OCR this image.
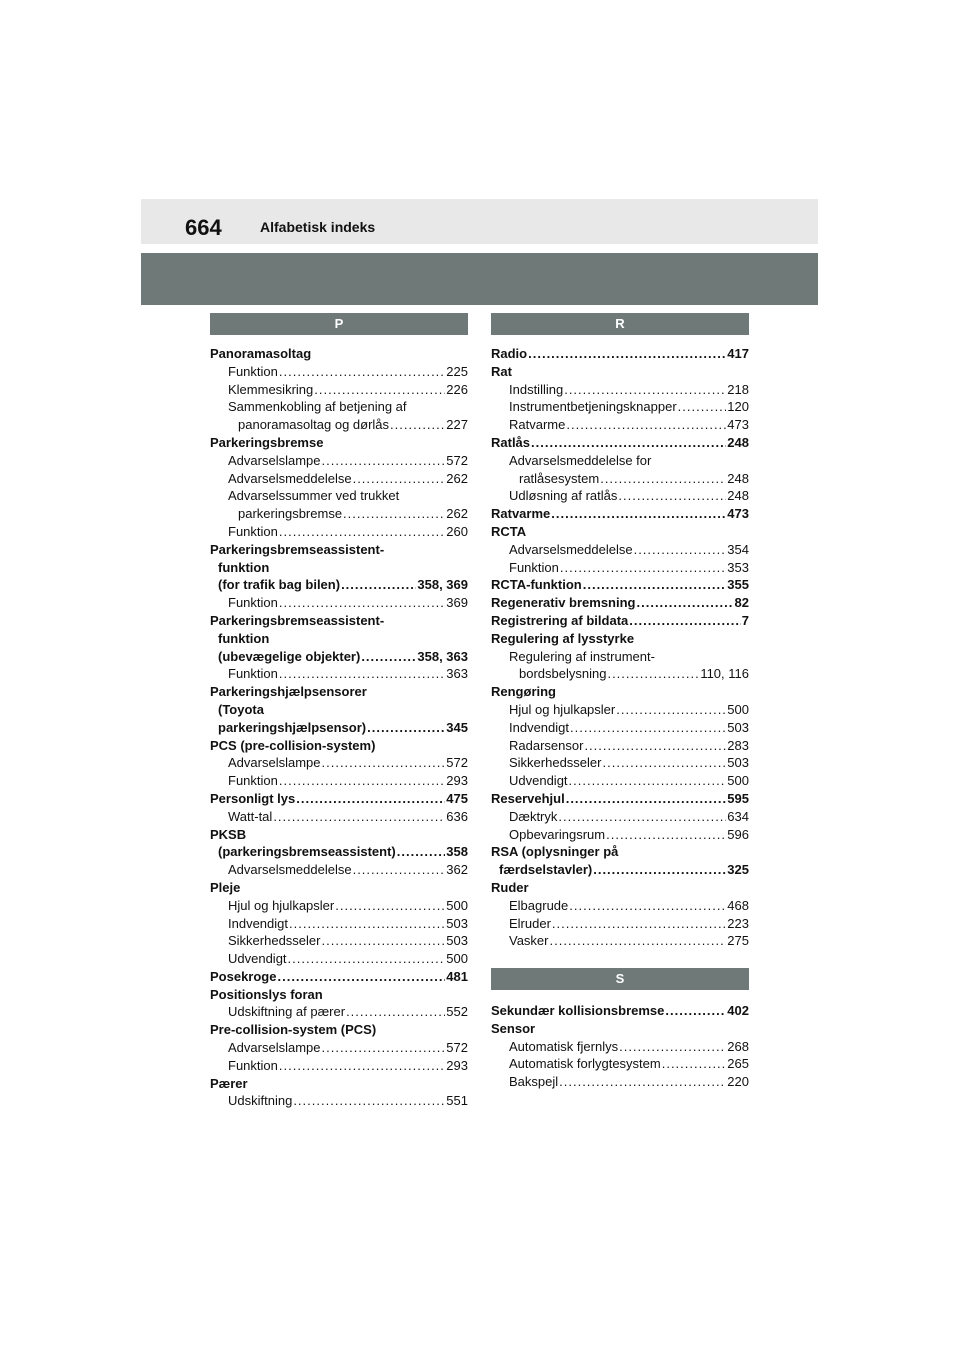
664	Alfabetisk indeks
P
Panoramasoltag
Funktion .....	225
Klemmesikring .....	226
Sammenkobling af betjening af
panoramasoltag og dørlås .....	227
Parkeringsbremse
Advarselslampe .....	572
Advarselsmeddelelse .....	262
Advarselssummer ved trukket
parkeringsbremse .....	262
Funktion .....	260
Parkeringsbremseassistent-
funktion
(for trafik bag bilen) .....	358, 369
Funktion .....	369
Parkeringsbremseassistent-
funktion
(ubevægelige objekter) .....	358, 363
Funktion .....	363
Parkeringshjælpsensorer
(Toyota
parkeringshjælpsensor) .....	345
PCS (pre-collision-system)
Advarselslampe .....	572
Funktion .....	293
Personligt lys .....	475
Watt-tal .....	636
PKSB
(parkeringsbremseassistent) .....	358
Advarselsmeddelelse .....	362
Pleje
Hjul og hjulkapsler .....	500
Indvendigt .....	503
Sikkerhedsseler .....	503
Udvendigt .....	500
Posekroge .....	481
Positionslys foran
Udskiftning af pærer .....	552
Pre-collision-system (PCS)
Advarselslampe .....	572
Funktion .....	293
Pærer
Udskiftning .....	551
R
Radio .....	417
Rat
Indstilling .....	218
Instrumentbetjeningsknapper .....	120
Ratvarme .....	473
Ratlås .....	248
Advarselsmeddelelse for
ratlåsesystem .....	248
Udløsning af ratlås .....	248
Ratvarme .....	473
RCTA
Advarselsmeddelelse .....	354
Funktion .....	353
RCTA-funktion .....	355
Regenerativ bremsning .....	82
Registrering af bildata .....	7
Regulering af lysstyrke
Regulering af instrument-
bordsbelysning .....	110, 116
Rengøring
Hjul og hjulkapsler .....	500
Indvendigt .....	503
Radarsensor .....	283
Sikkerhedsseler .....	503
Udvendigt .....	500
Reservehjul .....	595
Dæktryk .....	634
Opbevaringsrum .....	596
RSA (oplysninger på
færdselstavler) .....	325
Ruder
Elbagrude .....	468
Elruder .....	223
Vasker .....	275
S
Sekundær kollisionsbremse .....	402
Sensor
Automatisk fjernlys .....	268
Automatisk forlygtesystem .....	265
Bakspejl .....	220
